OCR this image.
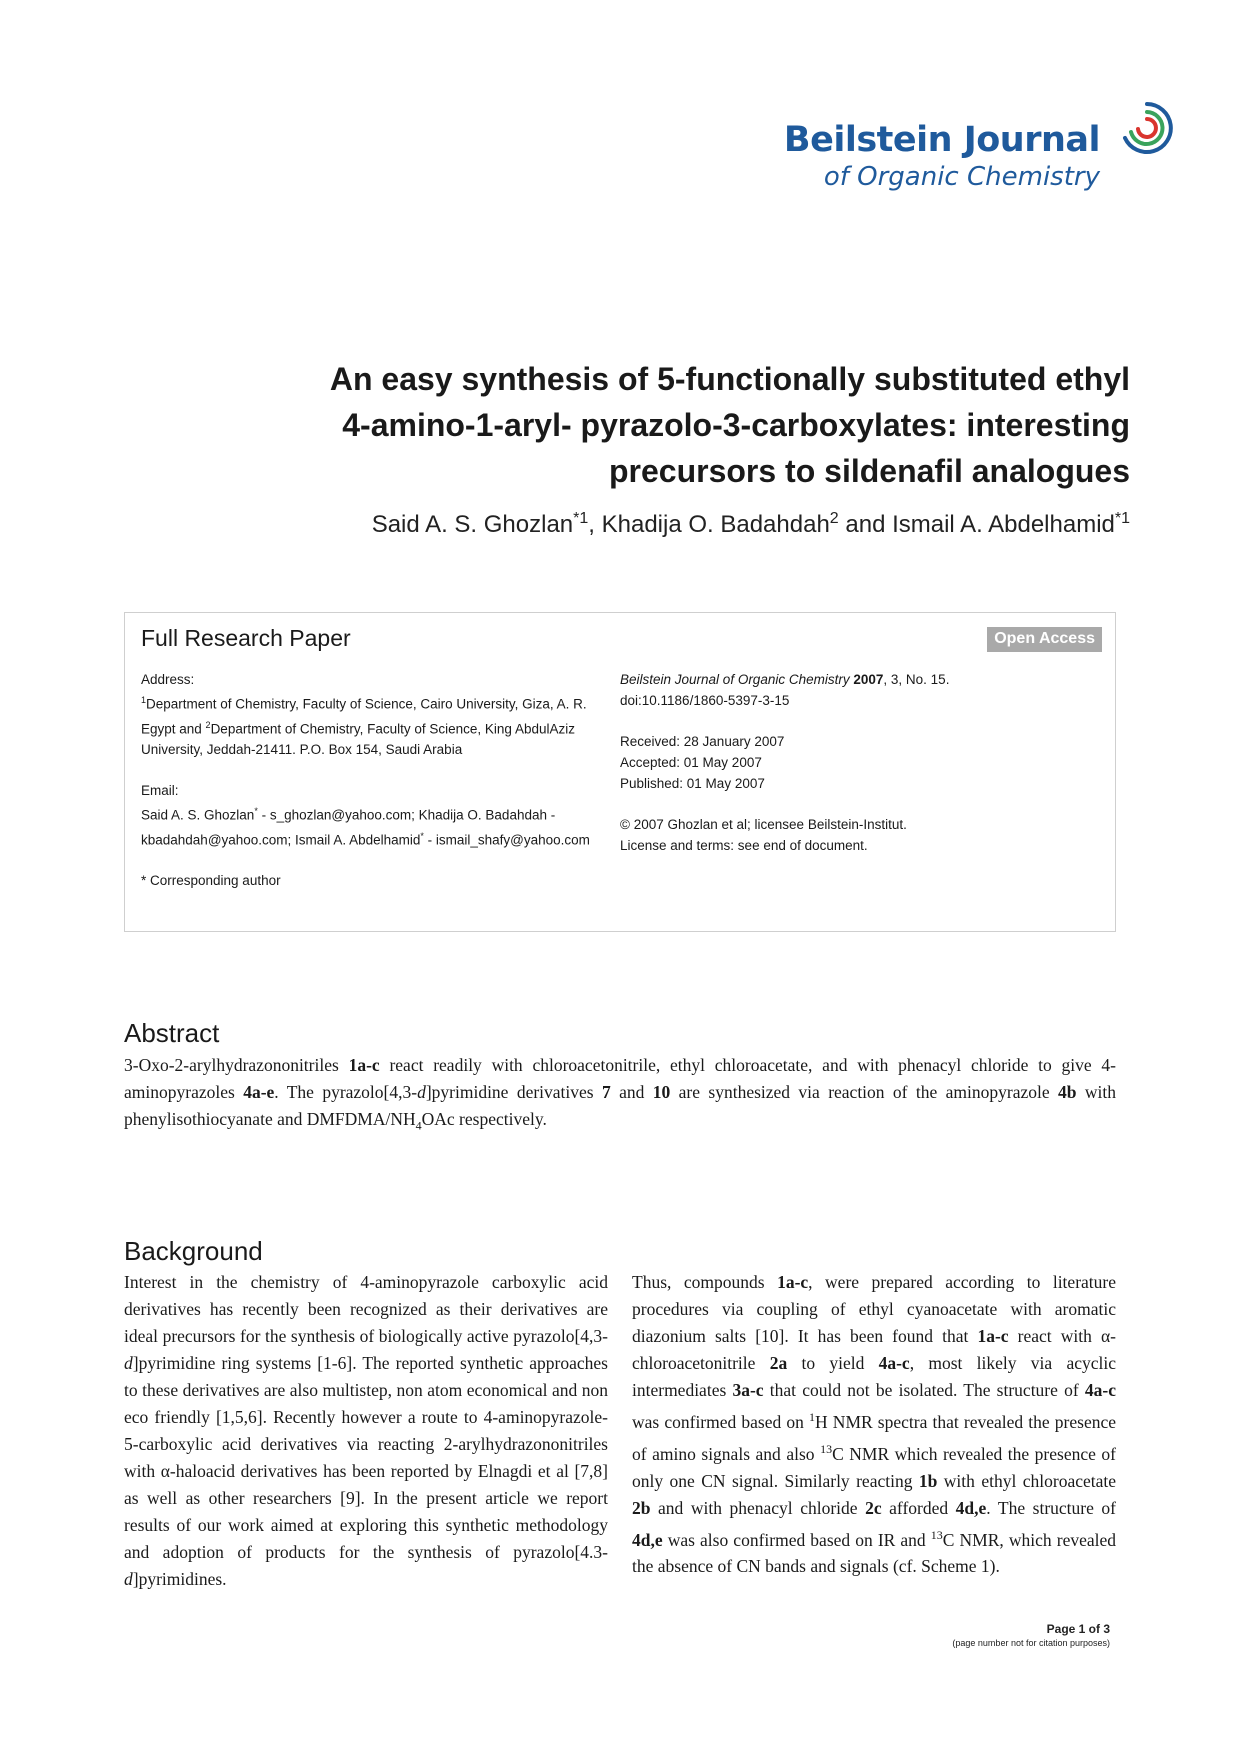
Beilstein Journal
of Organic Chemistry
An easy synthesis of 5-functionally substituted ethyl
4-amino-1-aryl- pyrazolo-3-carboxylates: interesting
precursors to sildenafil analogues
Said A. S. Ghozlan$^{*1}$, Khadija O. Badahdah$^2$ and Ismail A. Abdelhamid$^{*1}$
Full Research Paper	Open Access
Address:
$^1$Department of Chemistry, Faculty of Science, Cairo University, Giza, A. R. Egypt and $^2$Department of Chemistry, Faculty of Science, King AbdulAziz University, Jeddah-21411. P.O. Box 154, Saudi Arabia
Email:
Said A. S. Ghozlan* - s_ghozlan@yahoo.com; Khadija O. Badahdah - kbadahdah@yahoo.com; Ismail A. Abdelhamid* - ismail_shafy@yahoo.com
* Corresponding author
Beilstein Journal of Organic Chemistry 2007, 3, No. 15.
doi:10.1186/1860-5397-3-15
Received: 28 January 2007
Accepted: 01 May 2007
Published: 01 May 2007
© 2007 Ghozlan et al; licensee Beilstein-Institut.
License and terms: see end of document.
Abstract
3-Oxo-2-arylhydrazononitriles 1a-c react readily with chloroacetonitrile, ethyl chloroacetate, and with phenacyl chloride to give 4-aminopyrazoles 4a-e. The pyrazolo[4,3-d]pyrimidine derivatives 7 and 10 are synthesized via reaction of the aminopyrazole 4b with phenylisothiocyanate and DMFDMA/$NH_4OAc$ respectively.
Background
Interest in the chemistry of 4-aminopyrazole carboxylic acid derivatives has recently been recognized as their derivatives are ideal precursors for the synthesis of biologically active pyrazolo[4,3-d]pyrimidine ring systems [1-6]. The reported synthetic approaches to these derivatives are also multistep, non atom economical and non eco friendly [1,5,6]. Recently however a route to 4-aminopyrazole-5-carboxylic acid derivatives via reacting 2-arylhydrazononitriles with α-haloacid derivatives has been reported by Elnagdi et al [7,8] as well as other researchers [9]. In the present article we report results of our work aimed at exploring this synthetic methodology and adoption of products for the synthesis of pyrazolo[4.3-d]pyrimidines.
Thus, compounds 1a-c, were prepared according to literature procedures via coupling of ethyl cyanoacetate with aromatic diazonium salts [10]. It has been found that 1a-c react with α-chloroacetonitrile 2a to yield 4a-c, most likely via acyclic intermediates 3a-c that could not be isolated. The structure of 4a-c was confirmed based on $^1$H NMR spectra that revealed the presence of amino signals and also $^{13}$C NMR which revealed the presence of only one CN signal. Similarly reacting 1b with ethyl chloroacetate 2b and with phenacyl chloride 2c afforded 4d,e. The structure of 4d,e was also confirmed based on IR and $^{13}$C NMR, which revealed the absence of CN bands and signals (cf. Scheme 1).
Page 1 of 3
(page number not for citation purposes)
